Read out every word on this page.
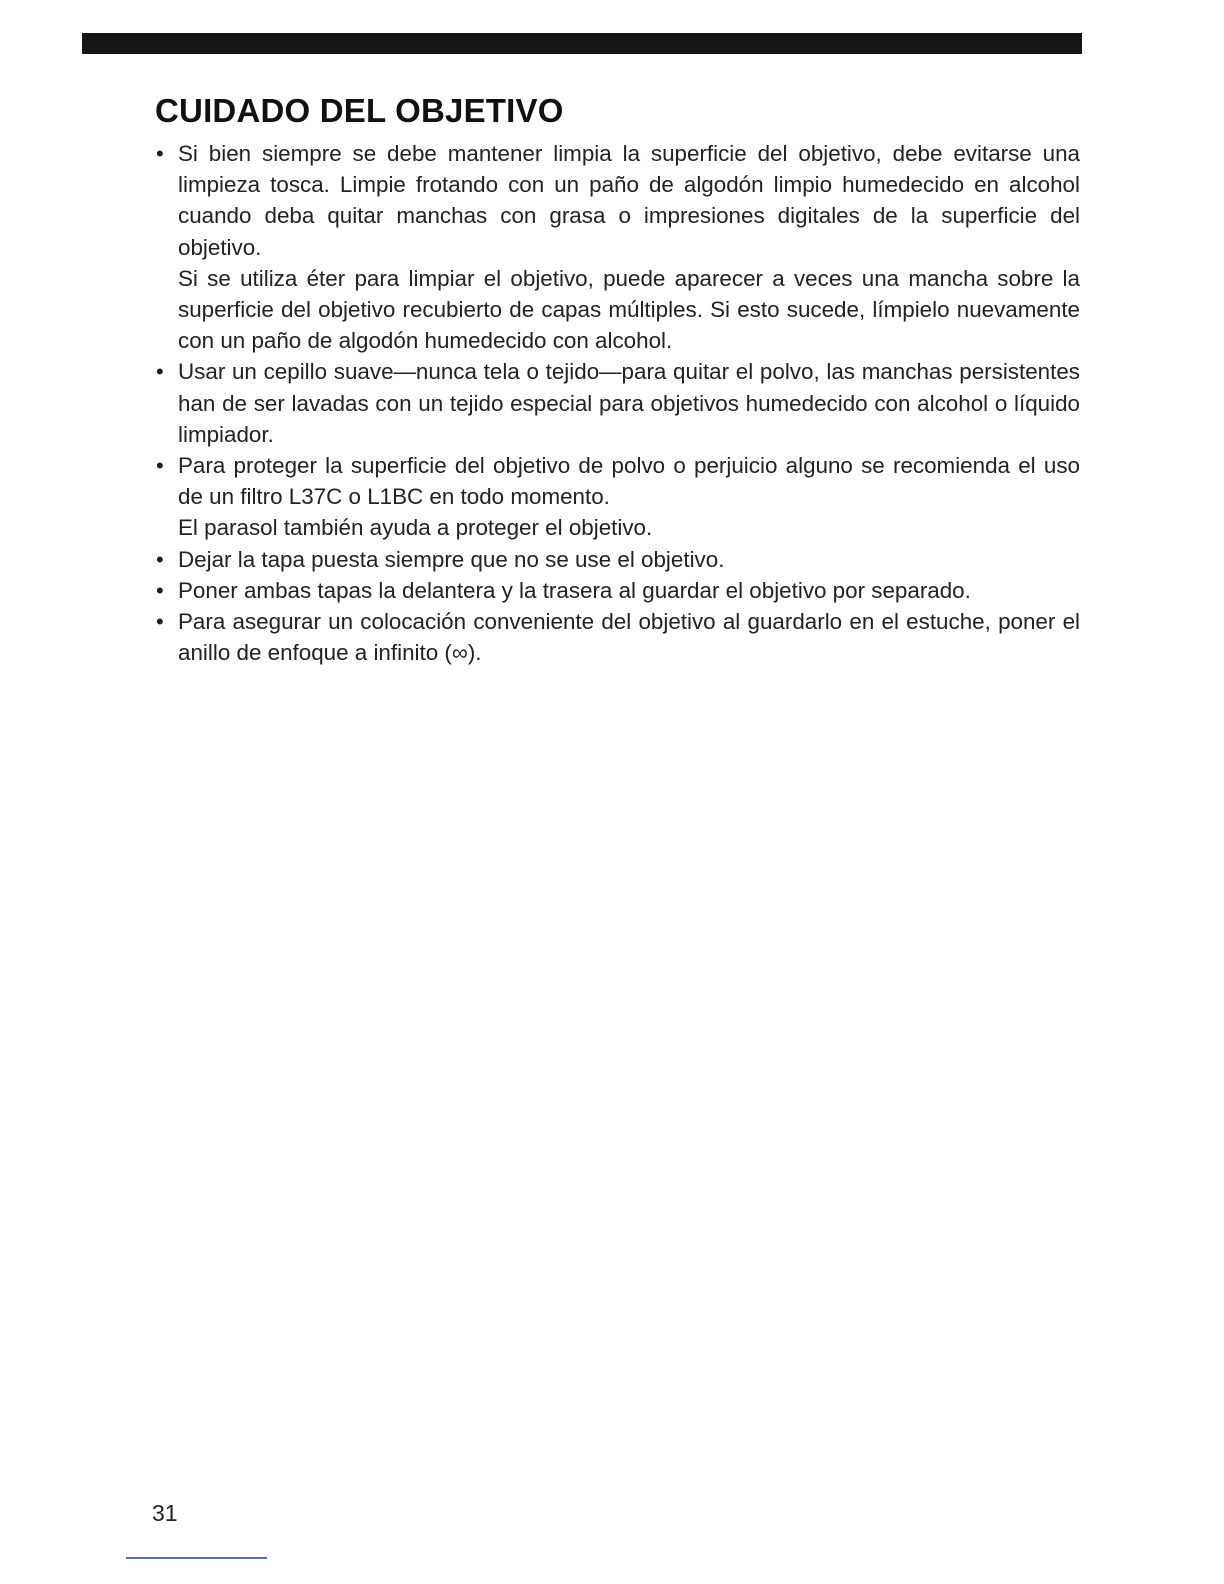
CUIDADO DEL OBJETIVO
• Si bien siempre se debe mantener limpia la superficie del objetivo, debe evitarse una limpieza tosca. Limpie frotando con un paño de algodón limpio humedecido en alcohol cuando deba quitar manchas con grasa o impresiones digitales de la superficie del objetivo.

Si se utiliza éter para limpiar el objetivo, puede aparecer a veces una mancha sobre la superficie del objetivo recubierto de capas múltiples. Si esto sucede, límpielo nuevamente con un paño de algodón humedecido con alcohol.

• Usar un cepillo suave—nunca tela o tejido—para quitar el polvo, las manchas persistentes han de ser lavadas con un tejido especial para objetivos humedecido con alcohol o líquido limpiador.

• Para proteger la superficie del objetivo de polvo o perjuicio alguno se recomienda el uso de un filtro L37C o L1BC en todo momento.

El parasol también ayuda a proteger el objetivo.

• Dejar la tapa puesta siempre que no se use el objetivo.

• Poner ambas tapas la delantera y la trasera al guardar el objetivo por separado.

• Para asegurar un colocación conveniente del objetivo al guardarlo en el estuche, poner el anillo de enfoque a infinito (∞).

31
